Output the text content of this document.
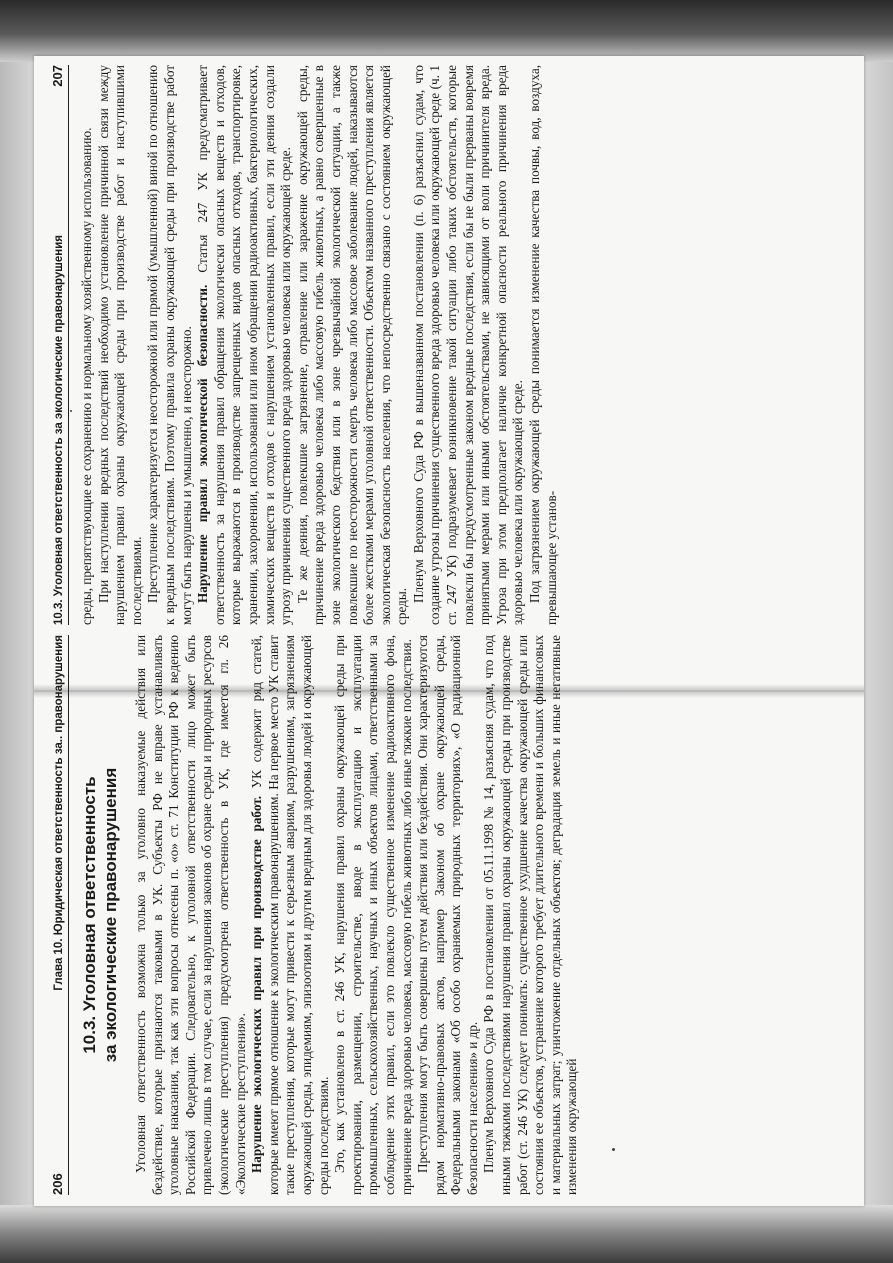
10.3. Уголовная ответственность за экологические правонарушения
207

среды, препятствующие ее сохранению и нормальному хозяйственному использованию. При наступлении вредных последствий необходимо установление причинной связи между нарушением правил охраны окружающей среды при производстве работ и наступившими последствиями. Преступление характеризуется неосторожной или прямой (умышленной) виной по отношению к вредным последствиям. Поэтому правила охраны окружающей среды при производстве работ могут быть нарушены и умышленно, и неосторожно. Нарушение правил экологической безопасности. Статья 247 УК предусматривает ответственность за нарушения правил обращения экологически опасных веществ и отходов, которые выражаются в производстве запрещенных видов опасных отходов, транспортировке, хранении, захоронении, использовании или ином обращении радиоактивных, бактериологических, химических веществ и отходов с нарушением установленных правил, если эти деяния создали угрозу причинения существенного вреда здоровью человека или окружающей среде. Те же деяния, повлекшие загрязнение, отравление или заражение окружающей среды, причинение вреда здоровью человека либо массовую гибель животных, а равно совершенные в зоне экологического бедствия или в зоне чрезвычайной экологической ситуации, а также повлекшие по неосторожности смерть человека либо массовое заболевание людей, наказываются более жесткими мерами уголовной ответственности. Объектом названного преступления является экологическая безопасность населения, что непосредственно связано с состоянием окружающей среды.

Пленум Верховного Суда РФ в вышеназванном постановлении (п. 6) разъяснил судам, что создание угрозы причинения существенного вреда здоровью человека или окружающей среде (ч. 1 ст. 247 УК) подразумевает возникновение такой ситуации либо таких обстоятельств, которые повлекли бы предусмотренные законом вредные последствия, если бы не были прерваны вовремя принятыми мерами или иными обстоятельствами, не зависящими от воли причинителя вреда. Угроза при этом предполагает наличие конкретной опасности реального причинения вреда здоровью человека или окружающей среде. Под загрязнением окружающей среды понимается изменение качества почвы, вод, воздуха, превышающее установ-

206
Глава 10. Юридическая ответственность за.. правонарушения 10.3. Уголовная ответственность за экологические правонарушения Уголовная ответственность возможна только за уголовно наказуемые действия или бездействие, которые признаются таковыми в УК. Субъекты РФ не вправе устанавливать уголовные наказания, так как эти вопросы отнесены п. «о» ст. 71 Конституции РФ к ведению Российской Федерации. Следовательно, к уголовной ответственности лицо может быть привлечено лишь в том случае, если за нарушения законов об охране среды и природных ресурсов (экологические преступления) предусмотрена ответственность в УК, где имеется гл. 26 «Экологические преступления». Нарушение экологических правил при производстве работ. УК содержит ряд статей, которые имеют прямое отношение к экологическим правонарушениям. На первое место УК ставит такие преступления, которые могут привести к серьезным авариям, разрушениям, загрязнениям окружающей среды, эпидемиям, эпизоотиям и другим вредным для здоровья людей и окружающей среды последствиям. Это, как установлено в ст. 246 УК, нарушения правил охраны окружающей среды при проектировании, размещении, строительстве, вводе в эксплуатацию и эксплуатации промышленных, сельскохозяйственных, научных и иных объектов лицами, ответственными за соблюдение этих правил, если это повлекло существенное изменение радиоактивного фона, причинение вреда здоровью человека, массовую гибель животных либо иные тяжкие последствия. Преступления могут быть совершены путем действия или бездействия. Они характеризуются рядом нормативно-правовых актов, например Законом об охране окружающей среды, Федеральными законами «Об особо охраняемых природных территориях», «О радиационной безопасности населения» и др. Пленум Верховного Суда РФ в постановлении от 05.11.1998 № 14, разъясняя судам, что под иными тяжкими последствиями нарушения правил охраны окружающей среды при производстве работ (ст. 246 УК) следует понимать: существенное ухудшение качества окружающей среды или состояния ее объектов, устранение которого требует длительного времени и больших финансовых и материальных затрат; уничтожение отдельных объектов; деградация земель и иные негативные изменения окружающей
